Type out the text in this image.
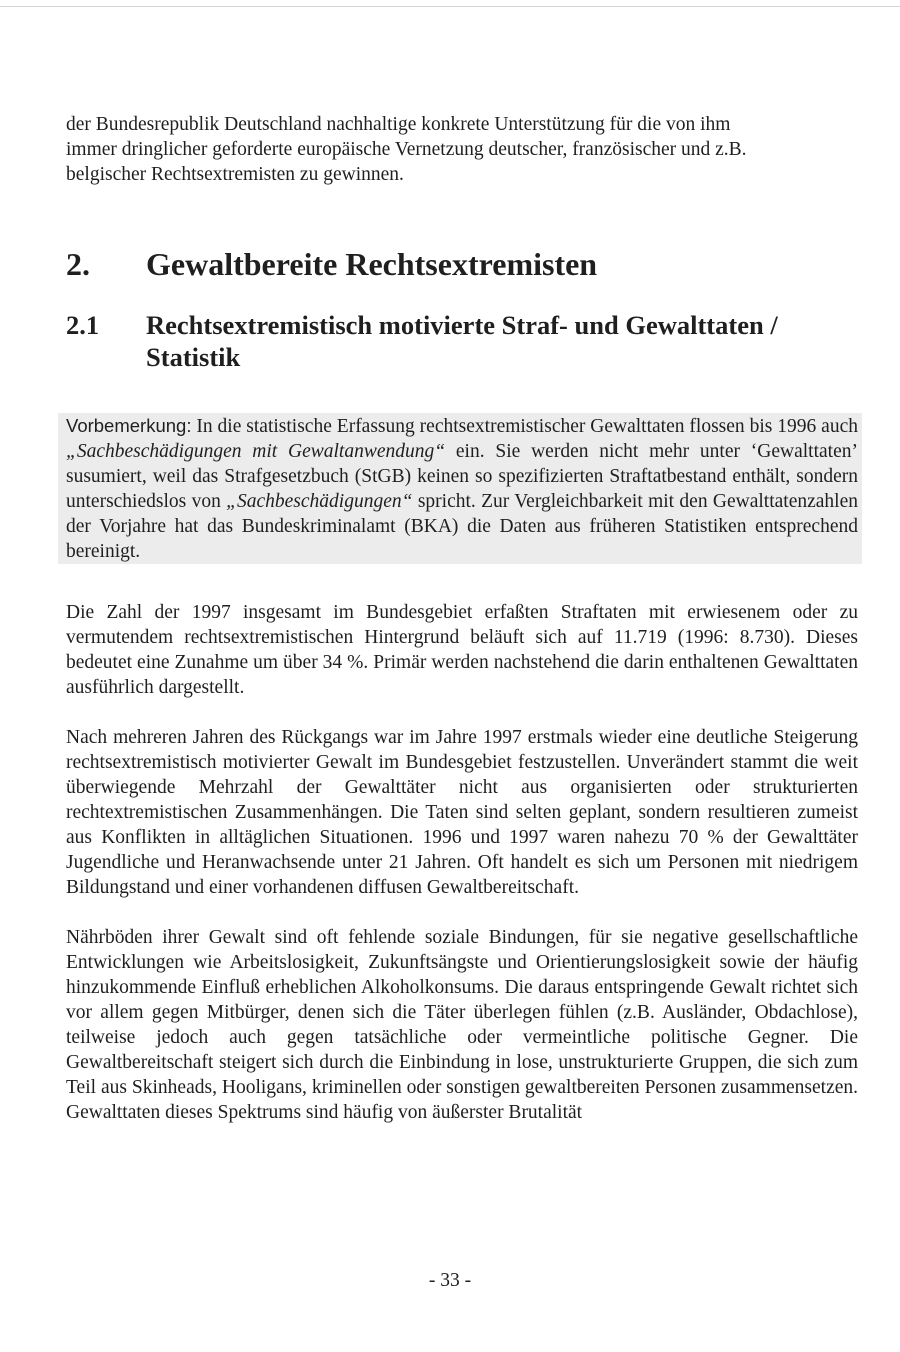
der Bundesrepublik Deutschland nachhaltige konkrete Unterstützung für die von ihm

immer dringlicher geforderte europäische Vernetzung deutscher, französischer und z.B.

belgischer Rechtsextremisten zu gewinnen.

2.	Gewaltbereite Rechtsextremisten
2.1	Rechtsextremistisch motivierte Straf- und Gewalttaten / Statistik

Vorbemerkung: In die statistische Erfassung rechtsextremistischer Gewalttaten flossen bis 1996 auch „Sachbeschädigungen mit Gewaltanwendung“ ein. Sie werden nicht mehr unter ‘Gewalttaten’ susumiert, weil das Strafgesetzbuch (StGB) keinen so spezifizierten Straftatbestand enthält, sondern unterschiedslos von „Sachbeschädigungen“ spricht. Zur Vergleichbarkeit mit den Gewalttatenzahlen der Vorjahre hat das Bundeskriminalamt (BKA) die Daten aus früheren Statistiken entsprechend bereinigt.

Die Zahl der 1997 insgesamt im Bundesgebiet erfaßten Straftaten mit erwiesenem oder zu vermutendem rechtsextremistischen Hintergrund beläuft sich auf 11.719 (1996: 8.730). Dieses bedeutet eine Zunahme um über 34 %. Primär werden nachstehend die darin enthaltenen Gewalttaten ausführlich dargestellt.

Nach mehreren Jahren des Rückgangs war im Jahre 1997 erstmals wieder eine deutliche Steigerung rechtsextremistisch motivierter Gewalt im Bundesgebiet festzustellen. Unverändert stammt die weit überwiegende Mehrzahl der Gewalttäter nicht aus organisierten oder strukturierten rechtextremistischen Zusammenhängen. Die Taten sind selten geplant, sondern resultieren zumeist aus Konflikten in alltäglichen Situationen. 1996 und 1997 waren nahezu 70 % der Gewalttäter Jugendliche und Heranwachsende unter 21 Jahren. Oft handelt es sich um Personen mit niedrigem Bildungstand und einer vorhandenen diffusen Gewaltbereitschaft.

Nährböden ihrer Gewalt sind oft fehlende soziale Bindungen, für sie negative gesellschaftliche Entwicklungen wie Arbeitslosigkeit, Zukunftsängste und Orientierungslosigkeit sowie der häufig hinzukommende Einfluß erheblichen Alkoholkonsums. Die daraus entspringende Gewalt richtet sich vor allem gegen Mitbürger, denen sich die Täter überlegen fühlen (z.B. Ausländer, Obdachlose), teilweise jedoch auch gegen tatsächliche oder vermeintliche politische Gegner. Die Gewaltbereitschaft steigert sich durch die Einbindung in lose, unstrukturierte Gruppen, die sich zum Teil aus Skinheads, Hooligans, kriminellen oder sonstigen gewaltbereiten Personen zusammensetzen. Gewalttaten dieses Spektrums sind häufig von äußerster Brutalität

- 33 -
